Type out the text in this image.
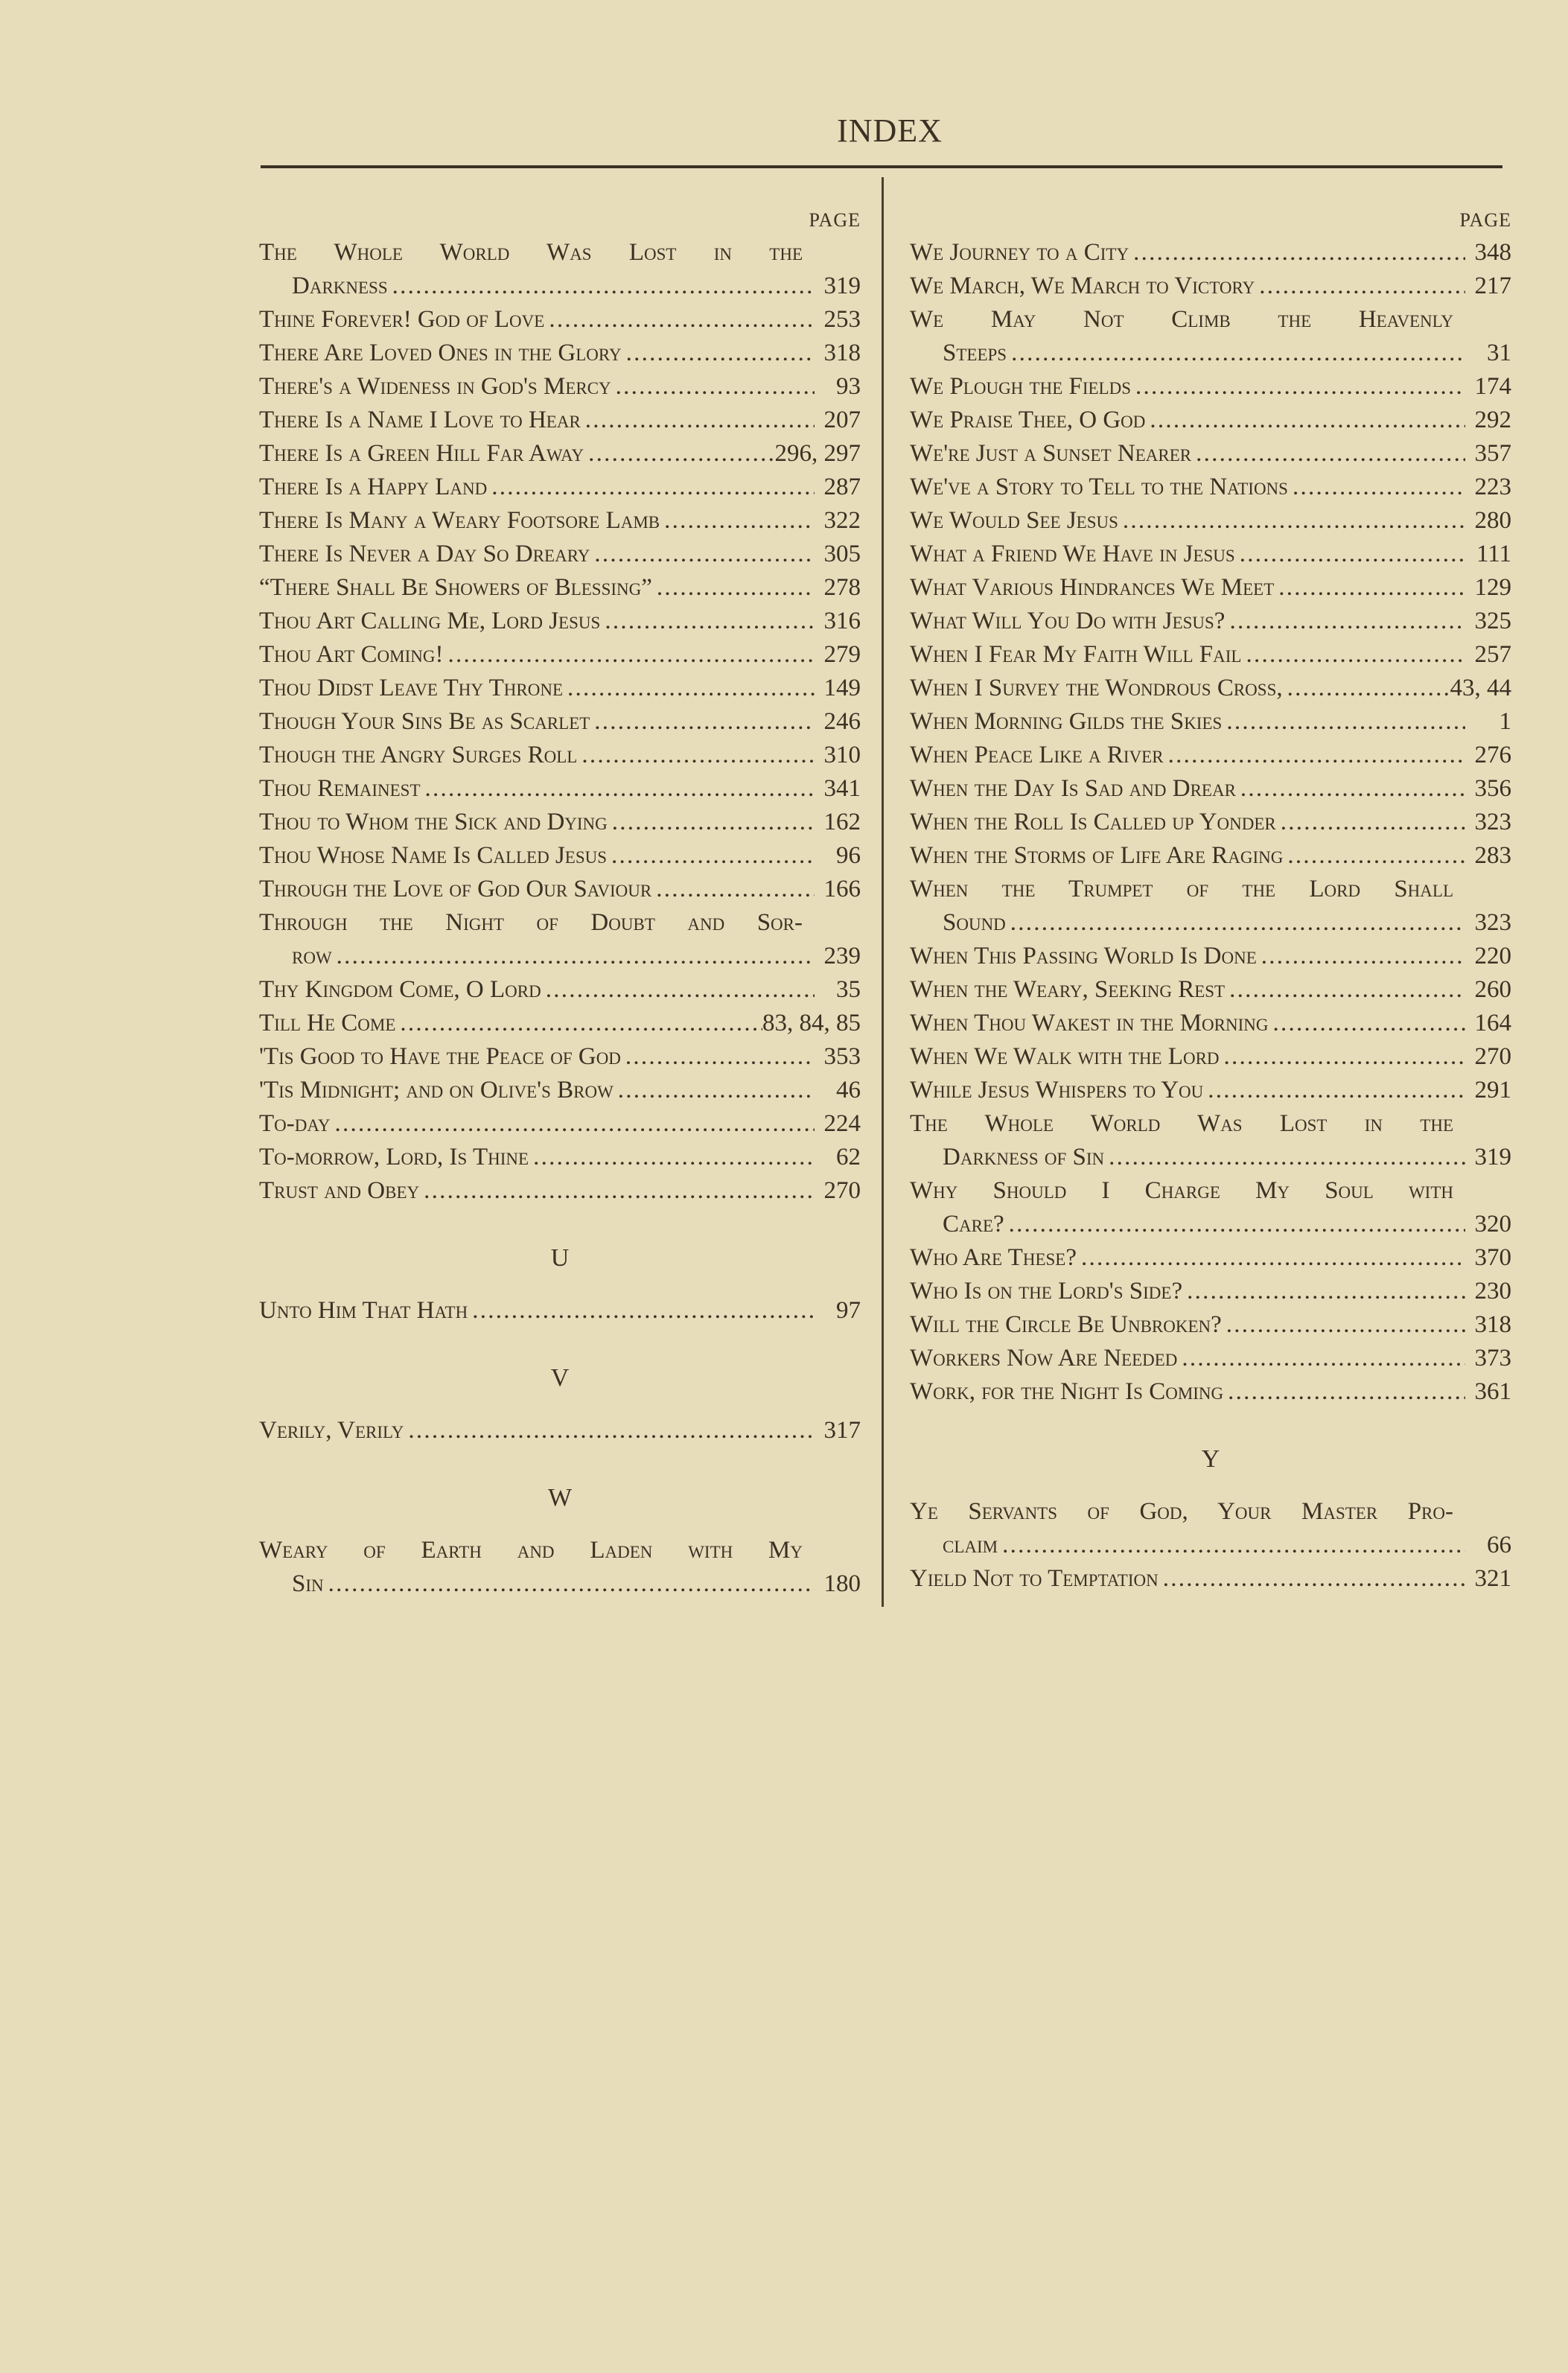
INDEX
PAGE
The Whole World Was Lost in the
Darkness . . .	319
Thine Forever! God of Love . . .	253
There Are Loved Ones in the Glory . . .	318
There's a Wideness in God's Mercy . . .	93
There Is a Name I Love to Hear . . .	207
There Is a Green Hill Far Away . . .	296, 297
There Is a Happy Land . . .	287
There Is Many a Weary Footsore Lamb . . .	322
There Is Never a Day So Dreary . . .	305
“There Shall Be Showers of Blessing” . . .	278
Thou Art Calling Me, Lord Jesus . . .	316
Thou Art Coming! . . .	279
Thou Didst Leave Thy Throne . . .	149
Though Your Sins Be as Scarlet . . .	246
Though the Angry Surges Roll . . .	310
Thou Remainest . . .	341
Thou to Whom the Sick and Dying . . .	162
Thou Whose Name Is Called Jesus . . .	96
Through the Love of God Our Saviour . . .	166
Through the Night of Doubt and Sor-
row . . .	239
Thy Kingdom Come, O Lord . . .	35
Till He Come . . .	83, 84, 85
'Tis Good to Have the Peace of God . . .	353
'Tis Midnight; and on Olive's Brow . . .	46
To-day . . .	224
To-morrow, Lord, Is Thine . . .	62
Trust and Obey . . .	270
U
Unto Him That Hath . . .	97
V
Verily, Verily . . .	317
W
Weary of Earth and Laden with My
Sin . . .	180
PAGE
We Journey to a City . . .	348
We March, We March to Victory . . .	217
We May Not Climb the Heavenly
Steeps . . .	31
We Plough the Fields . . .	174
We Praise Thee, O God . . .	292
We're Just a Sunset Nearer . . .	357
We've a Story to Tell to the Nations . . .	223
We Would See Jesus . . .	280
What a Friend We Have in Jesus . . .	111
What Various Hindrances We Meet . . .	129
What Will You Do with Jesus? . . .	325
When I Fear My Faith Will Fail . . .	257
When I Survey the Wondrous Cross, . . .	43, 44
When Morning Gilds the Skies . . .	1
When Peace Like a River . . .	276
When the Day Is Sad and Drear . . .	356
When the Roll Is Called up Yonder . . .	323
When the Storms of Life Are Raging . . .	283
When the Trumpet of the Lord Shall
Sound . . .	323
When This Passing World Is Done . . .	220
When the Weary, Seeking Rest . . .	260
When Thou Wakest in the Morning . . .	164
When We Walk with the Lord . . .	270
While Jesus Whispers to You . . .	291
The Whole World Was Lost in the
Darkness of Sin . . .	319
Why Should I Charge My Soul with
Care? . . .	320
Who Are These? . . .	370
Who Is on the Lord's Side? . . .	230
Will the Circle Be Unbroken? . . .	318
Workers Now Are Needed . . .	373
Work, for the Night Is Coming . . .	361
Y
Ye Servants of God, Your Master Pro-
claim . . .	66
Yield Not to Temptation . . .	321
